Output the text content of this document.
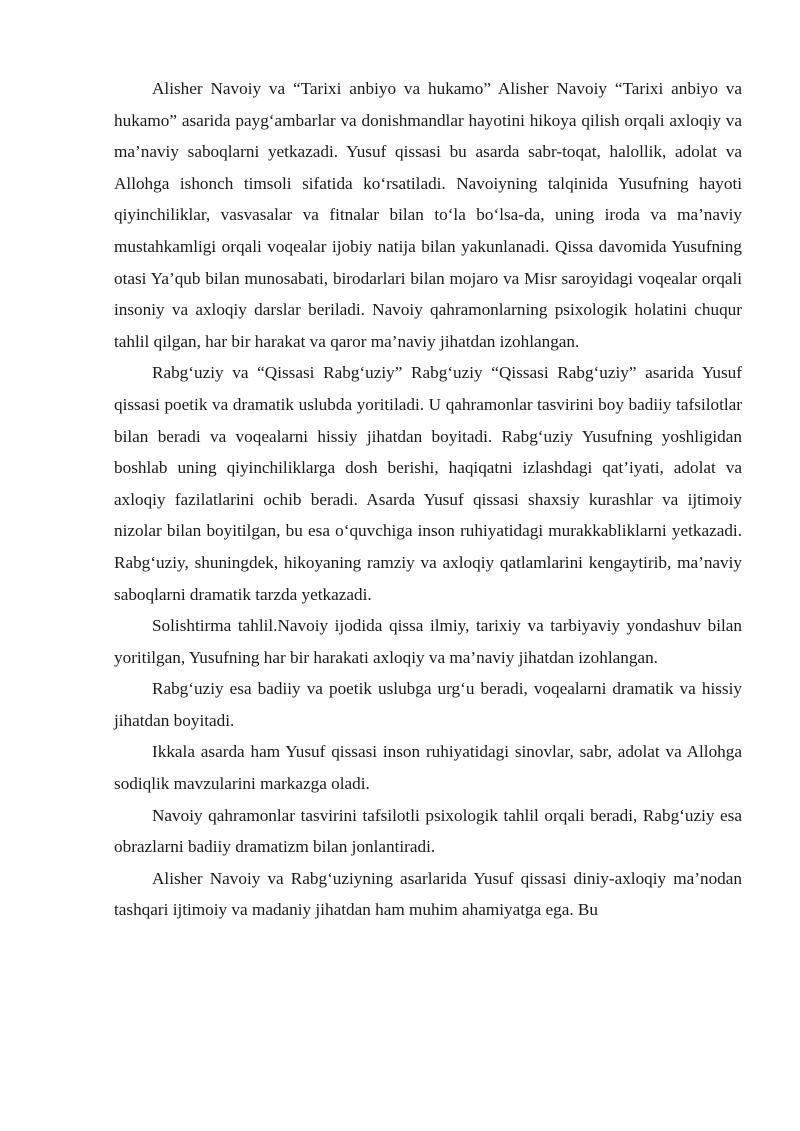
Alisher Navoiy va “Tarixi anbiyo va hukamo” Alisher Navoiy “Tarixi anbiyo va hukamo” asarida payg‘ambarlar va donishmandlar hayotini hikoya qilish orqali axloqiy va ma’naviy saboqlarni yetkazadi. Yusuf qissasi bu asarda sabr-toqat, halollik, adolat va Allohga ishonch timsoli sifatida ko‘rsatiladi. Navoiyning talqinida Yusufning hayoti qiyinchiliklar, vasvasalar va fitnalar bilan to‘la bo‘lsa-da, uning iroda va ma’naviy mustahkamligi orqali voqealar ijobiy natija bilan yakunlanadi. Qissa davomida Yusufning otasi Ya’qub bilan munosabati, birodarlari bilan mojaro va Misr saroyidagi voqealar orqali insoniy va axloqiy darslar beriladi. Navoiy qahramonlarning psixologik holatini chuqur tahlil qilgan, har bir harakat va qaror ma’naviy jihatdan izohlangan.

Rabg‘uziy va “Qissasi Rabg‘uziy” Rabg‘uziy “Qissasi Rabg‘uziy” asarida Yusuf qissasi poetik va dramatik uslubda yoritiladi. U qahramonlar tasvirini boy badiiy tafsilotlar bilan beradi va voqealarni hissiy jihatdan boyitadi. Rabg‘uziy Yusufning yoshligidan boshlab uning qiyinchiliklarga dosh berishi, haqiqatni izlashdagi qat’iyati, adolat va axloqiy fazilatlarini ochib beradi. Asarda Yusuf qissasi shaxsiy kurashlar va ijtimoiy nizolar bilan boyitilgan, bu esa o‘quvchiga inson ruhiyatidagi murakkabliklarni yetkazadi. Rabg‘uziy, shuningdek, hikoyaning ramziy va axloqiy qatlamlarini kengaytirib, ma’naviy saboqlarni dramatik tarzda yetkazadi.

Solishtirma tahlil.Navoiy ijodida qissa ilmiy, tarixiy va tarbiyaviy yondashuv bilan yoritilgan, Yusufning har bir harakati axloqiy va ma’naviy jihatdan izohlangan.

Rabg‘uziy esa badiiy va poetik uslubga urg‘u beradi, voqealarni dramatik va hissiy jihatdan boyitadi.

Ikkala asarda ham Yusuf qissasi inson ruhiyatidagi sinovlar, sabr, adolat va Allohga sodiqlik mavzularini markazga oladi.

Navoiy qahramonlar tasvirini tafsilotli psixologik tahlil orqali beradi, Rabg‘uziy esa obrazlarni badiiy dramatizm bilan jonlantiradi.

Alisher Navoiy va Rabg‘uziyning asarlarida Yusuf qissasi diniy-axloqiy ma’nodan tashqari ijtimoiy va madaniy jihatdan ham muhim ahamiyatga ega. Bu
